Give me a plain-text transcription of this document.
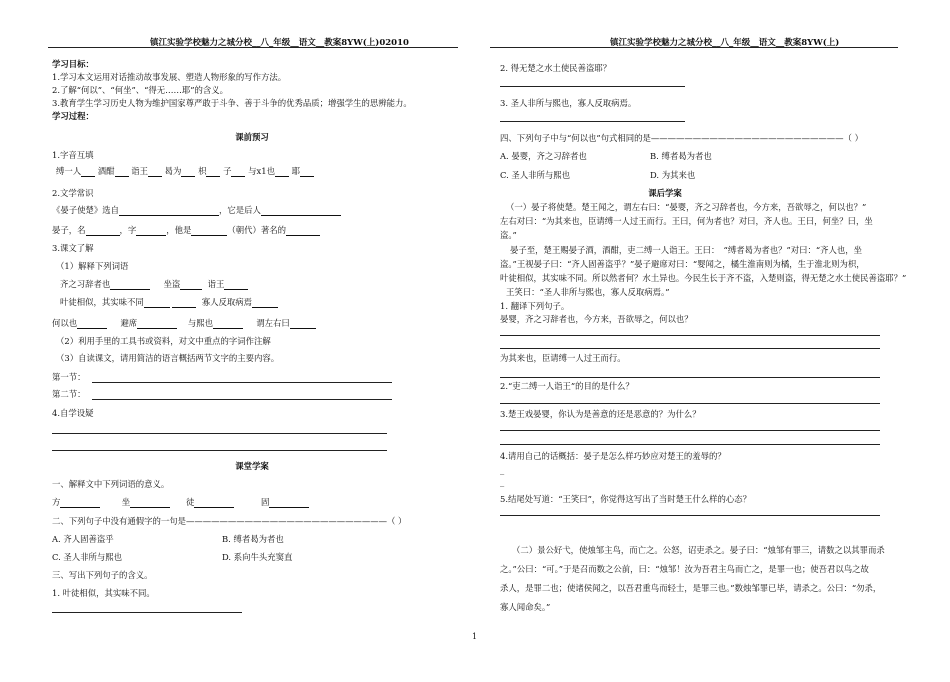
镇江实验学校魅力之城分校__八_年级__语文__教案8YW(上)02010	镇江实验学校魅力之城分校__八_年级__语文__教案8YW(上)
学习目标：
1.学习本文运用对话推动故事发展、塑造人物形象的写作方法。
2.了解“何以”、“何坐”、“得无……耶”的含义。
3.教育学生学习历史人物为维护国家尊严敢于斗争、善于斗争的优秀品质；增强学生的思辨能力。
学习过程：
课前预习
1.字音互填
缚一人 酒酣 诣王 曷为 枳 子 与x1也 耶
2.文学常识
《晏子使楚》选自	，它是后人
晏子，名	，字	，他是	（朝代）著名的
3.课文了解
（1）解释下列词语
齐之习辞者也	坐盗	诣王
叶徒相似，其实味不同	寡人反取病焉
何以也	避席	与熙也	谓左右曰
（2）利用手里的工具书或资料，对文中重点的字词作注解
（3）自读课文，请用简洁的语言概括两节文字的主要内容。
第一节：
第二节：
4.自学设疑
课堂学案
一、解释文中下列词语的意义。
方	坐	徒	固
二、下列句子中没有通假字的一句是————————————————————————（ ）
A. 齐人固善盗乎	B. 缚者曷为者也
C. 圣人非所与熙也	D. 系向牛头充窦直
三、写出下列句子的含义。
1. 叶徒相似，其实味不同。
2. 得无楚之水土使民善盗耶？
3. 圣人非所与熙也，寡人反取病焉。
四、下列句子中与“何以也”句式相同的是———————————————————————（ ）
A. 晏婴，齐之习辞者也	B. 缚者曷为者也
C. 圣人非所与熙也	D. 为其来也
课后学案
（一）晏子将使楚。楚王闻之，谓左右曰：“晏婴，齐之习辞者也，今方来，吾欲辱之，何以也？”
左右对曰：“为其来也，臣请缚一人过王而行。王曰，何为者也？对曰，齐人也。王曰，何坐？曰，坐
盗。”
晏子至，楚王赐晏子酒，酒酣，吏二缚一人诣王。王曰：　“缚者曷为者也？”对曰：“齐人也，坐
盗。”王视晏子曰：“齐人固善盗乎？”晏子避席对曰：“婴闻之，橘生淮南则为橘，生于淮北则为枳，
叶徒相似，其实味不同。所以然者何？水土异也。今民生长于齐不盗，入楚则盗，得无楚之水土使民善盗耶？”
王笑曰：“圣人非所与熙也，寡人反取病焉。”
1. 翻译下列句子。
晏婴，齐之习辞者也，今方来，吾欲辱之，何以也？
为其来也，臣请缚一人过王而行。
2.“吏二缚一人诣王”的目的是什么？
3.楚王戏晏婴，你认为是善意的还是恶意的？为什么？
4.请用自己的话概括：晏子是怎么样巧妙应对楚王的羞辱的？
_
_
5.结尾处写道：“王笑曰”，你觉得这写出了当时楚王什么样的心态？
（二）景公好弋，使烛邹主鸟，而亡之。公怒，诏吏杀之。晏子曰：“烛邹有罪三，请数之以其罪而杀
之。”公曰：“可。”于是召而数之公前，曰：“烛邹！汝为吾君主鸟而亡之，是罪一也；使吾君以鸟之故
杀人，是罪二也；使诸侯闻之，以吾君重鸟而轻士，是罪三也。”数烛邹罪已毕，请杀之。公曰：“勿杀，
寡人闻命矣。”
1
